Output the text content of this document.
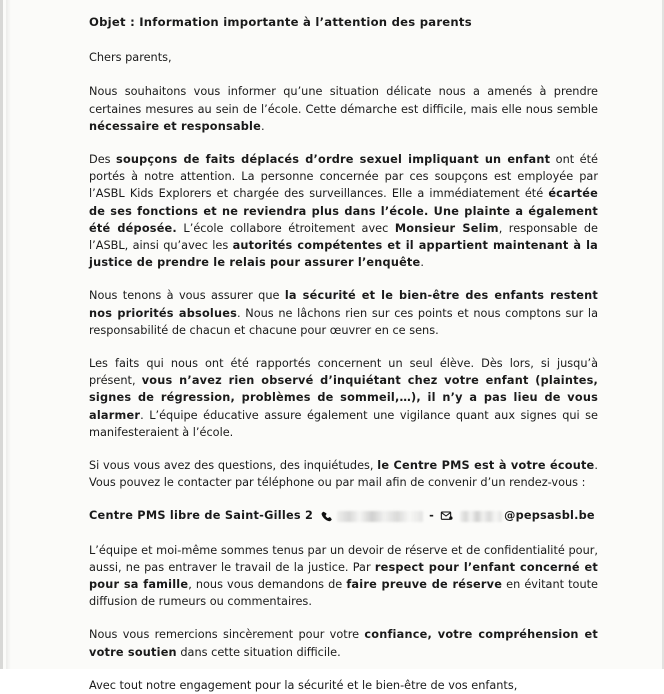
Objet : Information importante à l’attention des parents

Chers parents,

Nous souhaitons vous informer qu’une situation délicate nous a amenés à prendre certaines mesures au sein de l’école. Cette démarche est difficile, mais elle nous semble nécessaire et responsable.

Des soupçons de faits déplacés d’ordre sexuel impliquant un enfant ont été portés à notre attention. La personne concernée par ces soupçons est employée par l’ASBL Kids Explorers et chargée des surveillances. Elle a immédiatement été écartée de ses fonctions et ne reviendra plus dans l’école. Une plainte a également été déposée. L’école collabore étroitement avec Monsieur Selim, responsable de l’ASBL, ainsi qu’avec les autorités compétentes et il appartient maintenant à la justice de prendre le relais pour assurer l’enquête.

Nous tenons à vous assurer que la sécurité et le bien-être des enfants restent nos priorités absolues. Nous ne lâchons rien sur ces points et nous comptons sur la responsabilité de chacun et chacune pour œuvrer en ce sens.

Les faits qui nous ont été rapportés concernent un seul élève. Dès lors, si jusqu’à présent, vous n’avez rien observé d’inquiétant chez votre enfant (plaintes, signes de régression, problèmes de sommeil,…), il n’y a pas lieu de vous alarmer. L’équipe éducative assure également une vigilance quant aux signes qui se manifesteraient à l’école.

Si vous vous avez des questions, des inquiétudes, le Centre PMS est à votre écoute. Vous pouvez le contacter par téléphone ou par mail afin de convenir d’un rendez-vous :

Centre PMS libre de Saint-Gilles 2	-	@pepsasbl.be

L’équipe et moi-même sommes tenus par un devoir de réserve et de confidentialité pour, aussi, ne pas entraver le travail de la justice. Par respect pour l’enfant concerné et pour sa famille, nous vous demandons de faire preuve de réserve en évitant toute diffusion de rumeurs ou commentaires.

Nous vous remercions sincèrement pour votre confiance, votre compréhension et votre soutien dans cette situation difficile.

Avec tout notre engagement pour la sécurité et le bien-être de vos enfants,
